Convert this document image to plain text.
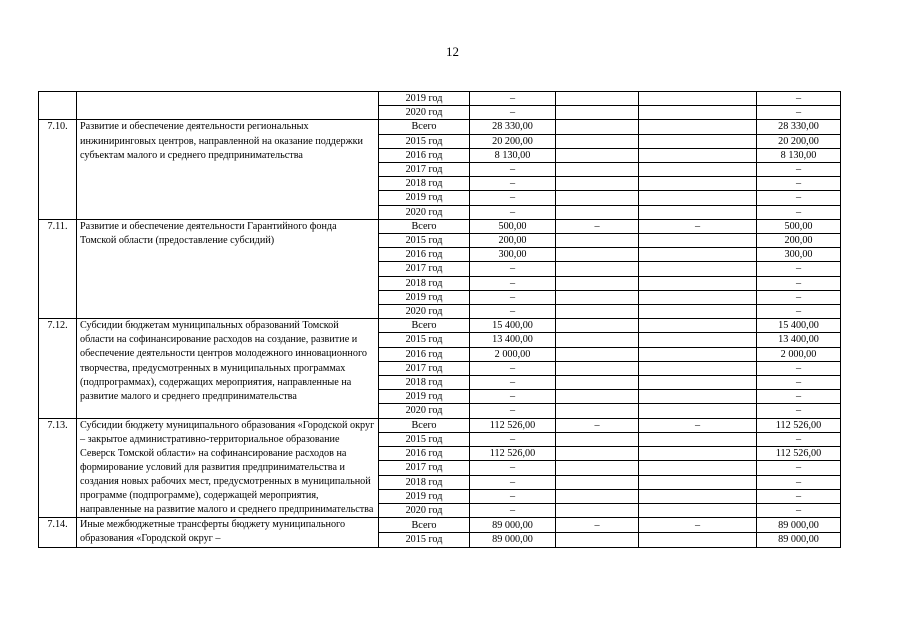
12
		2019 год	–			–
		2020 год	–			–
7.10.	Развитие и обеспечение деятельности региональных инжиниринговых центров, направленной на оказание поддержки субъектам малого и среднего предпринимательства	Всего	28 330,00			28 330,00
		2015 год	20 200,00			20 200,00
		2016 год	8 130,00			8 130,00
		2017 год	–			–
		2018 год	–			–
		2019 год	–			–
		2020 год	–			–
7.11.	Развитие и обеспечение деятельности Гарантийного фонда Томской области (предоставление субсидий)	Всего	500,00	–	–	500,00
		2015 год	200,00			200,00
		2016 год	300,00			300,00
		2017 год	–			–
		2018 год	–			–
		2019 год	–			–
		2020 год	–			–
7.12.	Субсидии бюджетам муниципальных образований Томской области на софинансирование расходов на создание, развитие и обеспечение деятельности центров молодежного инновационного творчества, предусмотренных в муниципальных программах (подпрограммах), содержащих мероприятия, направленные на развитие малого и среднего предпринимательства	Всего	15 400,00			15 400,00
		2015 год	13 400,00			13 400,00
		2016 год	2 000,00			2 000,00
		2017 год	–			–
		2018 год	–			–
		2019 год	–			–
		2020 год	–			–
7.13.	Субсидии бюджету муниципального образования «Городской округ – закрытое административно-территориальное образование Северск Томской области» на софинансирование расходов на формирование условий для развития предпринимательства и создания новых рабочих мест, предусмотренных в муниципальной программе (подпрограмме), содержащей мероприятия, направленные на развитие малого и среднего предпринимательства	Всего	112 526,00	–	–	112 526,00
		2015 год	–			–
		2016 год	112 526,00			112 526,00
		2017 год	–			–
		2018 год	–			–
		2019 год	–			–
		2020 год	–			–
7.14.	Иные межбюджетные трансферты бюджету муниципального образования «Городской округ –	Всего	89 000,00	–	–	89 000,00
		2015 год	89 000,00			89 000,00
